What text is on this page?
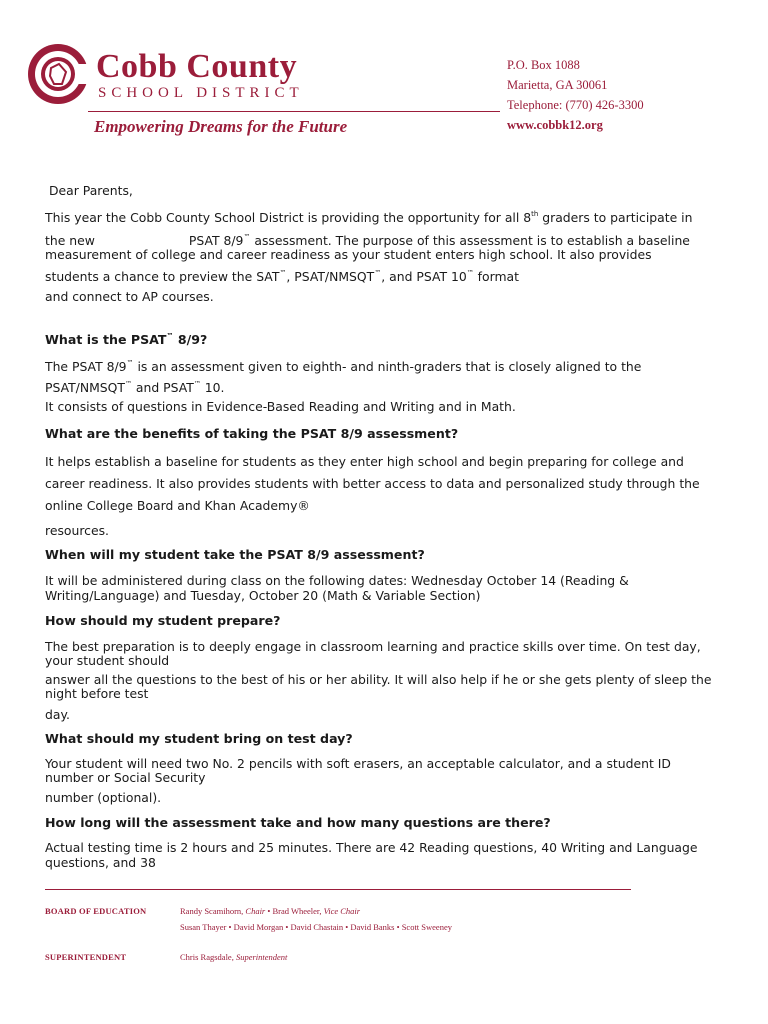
Cobb County
SCHOOL DISTRICT
Empowering Dreams for the Future
P.O. Box 1088
Marietta, GA 30061
Telephone: (770) 426-3300
www.cobbk12.org
Dear Parents,
This year the Cobb County School District is providing the opportunity for all 8th graders to participate in
the new	PSAT 8/9™ assessment. The purpose of this assessment is to establish a baseline
measurement of college and career readiness as your student enters high school. It also provides
students a chance to preview the SAT™, PSAT/NMSQT™, and PSAT 10™ format
and connect to AP courses.
What is the PSAT™ 8/9?
The PSAT 8/9™ is an assessment given to eighth- and ninth-graders that is closely aligned to the
PSAT/NMSQT™ and PSAT™ 10.
It consists of questions in Evidence-Based Reading and Writing and in Math.
What are the benefits of taking the PSAT 8/9 assessment?
It helps establish a baseline for students as they enter high school and begin preparing for college and
career readiness. It also provides students with better access to data and personalized study through the
online College Board and Khan Academy®
resources.
When will my student take the PSAT 8/9 assessment?
It will be administered during class on the following dates: Wednesday October 14 (Reading &
Writing/Language) and Tuesday, October 20 (Math & Variable Section)
How should my student prepare?
The best preparation is to deeply engage in classroom learning and practice skills over time. On test day,
your student should
answer all the questions to the best of his or her ability. It will also help if he or she gets plenty of sleep the
night before test
day.
What should my student bring on test day?
Your student will need two No. 2 pencils with soft erasers, an acceptable calculator, and a student ID
number or Social Security
number (optional).
How long will the assessment take and how many questions are there?
Actual testing time is 2 hours and 25 minutes. There are 42 Reading questions, 40 Writing and Language
questions, and 38
BOARD OF EDUCATION	Randy Scamihorn, Chair • Brad Wheeler, Vice Chair
Susan Thayer • David Morgan • David Chastain • David Banks • Scott Sweeney
SUPERINTENDENT	Chris Ragsdale, Superintendent
